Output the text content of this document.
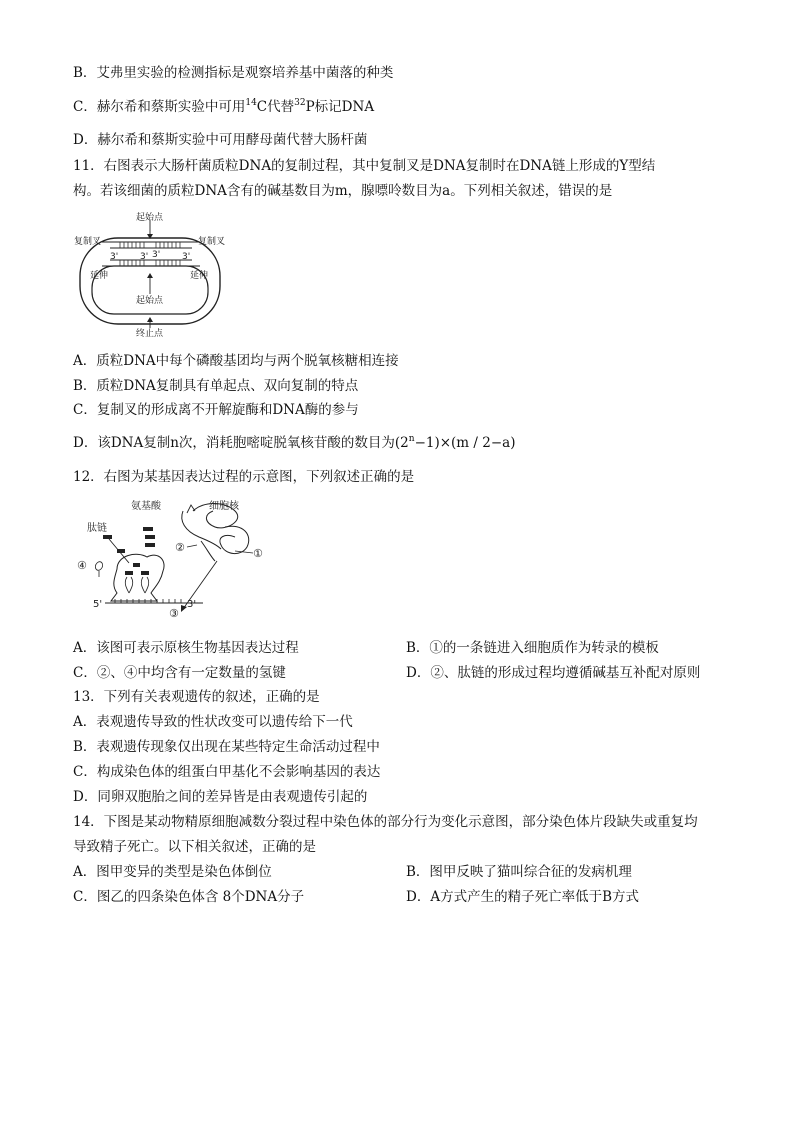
B．艾弗里实验的检测指标是观察培养基中菌落的种类
C．赫尔希和蔡斯实验中可用$^{14}$C代替$^{32}$P标记DNA
D．赫尔希和蔡斯实验中可用酵母菌代替大肠杆菌
11．右图表示大肠杆菌质粒DNA的复制过程，其中复制叉是DNA复制时在DNA链上形成的Y型结
构。若该细菌的质粒DNA含有的碱基数目为m，腺嘌呤数目为a。下列相关叙述，错误的是
起始点
起始点
终止点
复制叉	复制叉
延伸	延伸
3' 3' 3' 3'
A．质粒DNA中每个磷酸基团均与两个脱氧核糖相连接
B．质粒DNA复制具有单起点、双向复制的特点
C．复制叉的形成离不开解旋酶和DNA酶的参与
D．该DNA复制n次，消耗胞嘧啶脱氧核苷酸的数目为$(2^n-1)\times(m / 2-a)$
12．右图为某基因表达过程的示意图，下列叙述正确的是
氨基酸	细胞核
肽链
①
②
③
④
5'	3'
A．该图可表示原核生物基因表达过程	B．①的一条链进入细胞质作为转录的模板
C．②、④中均含有一定数量的氢键	D．②、肽链的形成过程均遵循碱基互补配对原则
13．下列有关表观遗传的叙述，正确的是
A．表观遗传导致的性状改变可以遗传给下一代
B．表观遗传现象仅出现在某些特定生命活动过程中
C．构成染色体的组蛋白甲基化不会影响基因的表达
D．同卵双胞胎之间的差异皆是由表观遗传引起的
14．下图是某动物精原细胞减数分裂过程中染色体的部分行为变化示意图，部分染色体片段缺失或重复均
导致精子死亡。以下相关叙述，正确的是
A．图甲变异的类型是染色体倒位	B．图甲反映了猫叫综合征的发病机理
C．图乙的四条染色体含 8个DNA分子	D．A方式产生的精子死亡率低于B方式
